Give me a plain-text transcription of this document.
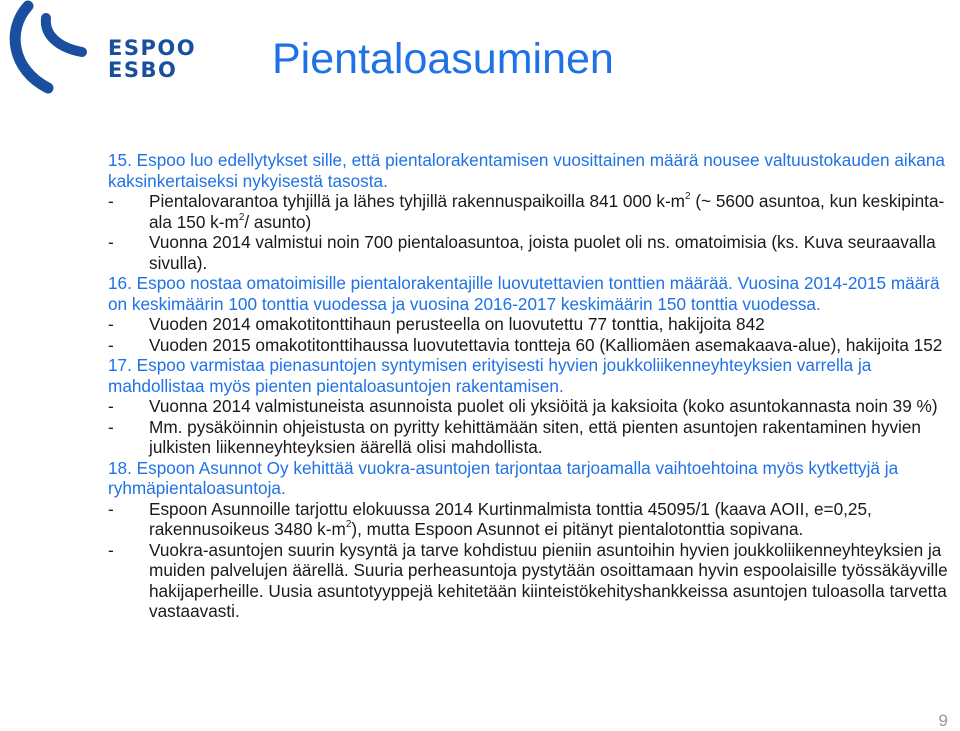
ESPOO
ESBO	Pientaloasuminen

15. Espoo luo edellytykset sille, että pientalorakentamisen vuosittainen määrä nousee valtuustokauden aikana kaksinkertaiseksi nykyisestä tasosta.

- Pientalovarantoa tyhjillä ja lähes tyhjillä rakennuspaikoilla 841 000 $k-m^2$ (~ 5600 asuntoa, kun keskipinta-ala 150 $k-m^2/$ asunto)

- Vuonna 2014 valmistui noin 700 pientaloasuntoa, joista puolet oli ns. omatoimisia (ks. Kuva seuraavalla sivulla).

16. Espoo nostaa omatoimisille pientalorakentajille luovutettavien tonttien määrää. Vuosina 2014-2015 määrä on keskimäärin 100 tonttia vuodessa ja vuosina 2016-2017 keskimäärin 150 tonttia vuodessa.

- Vuoden 2014 omakotitonttihaun perusteella on luovutettu 77 tonttia, hakijoita 842

- Vuoden 2015 omakotitonttihaussa luovutettavia tontteja 60 (Kalliomäen asemakaava-alue), hakijoita 152

17. Espoo varmistaa pienasuntojen syntymisen erityisesti hyvien joukkoliikenneyhteyksien varrella ja mahdollistaa myös pienten pientaloasuntojen rakentamisen.

- Vuonna 2014 valmistuneista asunnoista puolet oli yksiöitä ja kaksioita (koko asuntokannasta noin 39 %)

- Mm. pysäköinnin ohjeistusta on pyritty kehittämään siten, että pienten asuntojen rakentaminen hyvien julkisten liikenneyhteyksien äärellä olisi mahdollista.

18. Espoon Asunnot Oy kehittää vuokra-asuntojen tarjontaa tarjoamalla vaihtoehtoina myös kytkettyjä ja ryhmäpientaloasuntoja.

- Espoon Asunnoille tarjottu elokuussa 2014 Kurtinmalmista tonttia 45095/1 (kaava AOII, e=0,25, rakennusoikeus 3480 $k-m^2$), mutta Espoon Asunnot ei pitänyt pientalotonttia sopivana.

- Vuokra-asuntojen suurin kysyntä ja tarve kohdistuu pieniin asuntoihin hyvien joukkoliikenneyhteyksien ja muiden palvelujen äärellä. Suuria perheasuntoja pystytään osoittamaan hyvin espoolaisille työssäkäyville hakijaperheille. Uusia asuntotyyppejä kehitetään kiinteistökehityshankkeissa asuntojen tuloasolla tarvetta vastaavasti.

9
